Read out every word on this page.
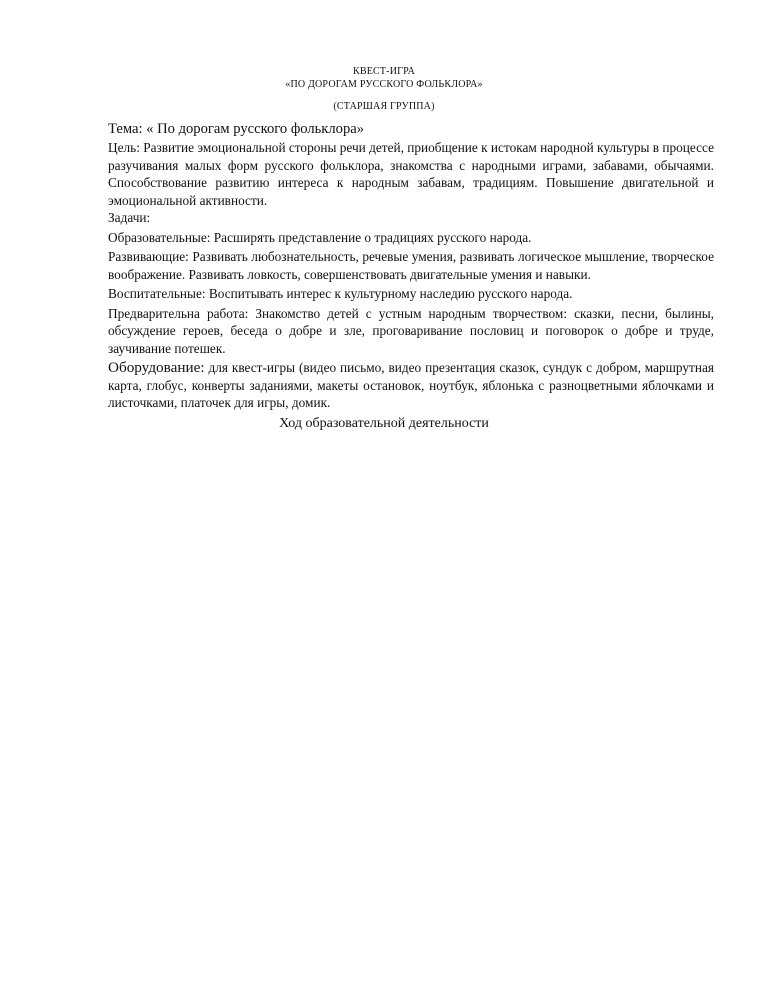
КВЕСТ-ИГРА
«ПО ДОРОГАМ РУССКОГО ФОЛЬКЛОРА»
(СТАРШАЯ ГРУППА)

Тема: « По дорогам русского фольклора»

Цель: Развитие эмоциональной стороны речи детей, приобщение к истокам народной культуры в процессе разучивания малых форм русского фольклора, знакомства с народными играми, забавами, обычаями. Способствование развитию интереса к народным забавам, традициям. Повышение двигательной и эмоциональной активности.

Задачи:

Образовательные: Расширять представление о традициях русского народа.

Развивающие: Развивать любознательность, речевые умения, развивать логическое мышление, творческое воображение. Развивать ловкость, совершенствовать двигательные умения и навыки.

Воспитательные: Воспитывать интерес к культурному наследию русского народа.

Предварительна работа: Знакомство детей с устным народным творчеством: сказки, песни, былины, обсуждение героев, беседа о добре и зле, проговаривание пословиц и поговорок о добре и труде, заучивание потешек.

Оборудование: для квест-игры (видео письмо, видео презентация сказок, сундук с добром, маршрутная карта, глобус, конверты заданиями, макеты остановок, ноутбук, яблонька с разноцветными яблочками и листочками, платочек для игры, домик.

Ход образовательной деятельности
